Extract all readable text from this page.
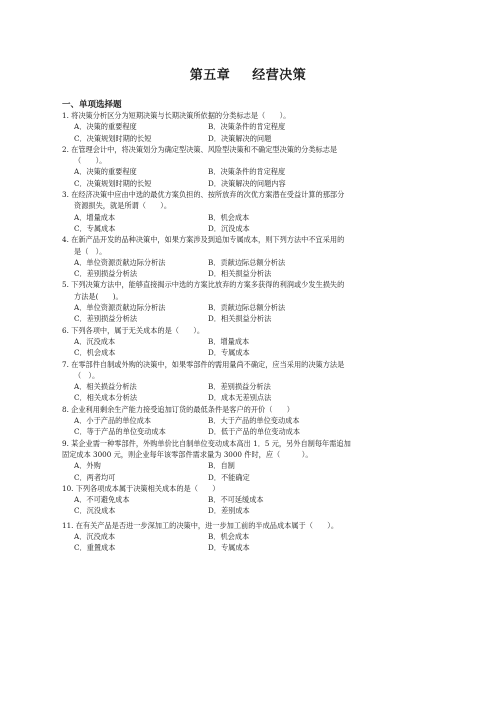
第五章 经营决策
一、单项选择题
1. 将决策分析区分为短期决策与长期决策所依据的分类标志是（　　）。
A．决策的重要程度	B．决策条件的肯定程度
C．决策规划时期的长短	D．决策解决的问题
2. 在管理会计中，将决策划分为确定型决策、风险型决策和不确定型决策的分类标志是
（　　）。
A．决策的重要程度	B．决策条件的肯定程度
C．决策规划时期的长短	D．决策解决的问题内容
3. 在经济决策中应由中选的最优方案负担的、按所放弃的次优方案潜在受益计算的那部分
资源损失，就是所谓（　　）。
A．增量成本	B．机会成本
C．专属成本	D．沉没成本
4. 在新产品开发的品种决策中，如果方案涉及到追加专属成本，则下列方法中不宜采用的
是（　）。
A．单位资源贡献边际分析法	B．贡献边际总额分析法
C．差别损益分析法	D．相关损益分析法
5. 下列决策方法中，能够直接揭示中选的方案比放弃的方案多获得的利润或少发生损失的
方法是(　　)。
A．单位资源贡献边际分析法	B．贡献边际总额分析法
C．差别损益分析法	D．相关损益分析法
6. 下列各项中，属于无关成本的是（　　）。
A．沉没成本	B．增量成本
C．机会成本	D．专属成本
7. 在零部件自制或外购的决策中，如果零部件的需用量尚不确定，应当采用的决策方法是
（　）。
A．相关损益分析法	B．差别损益分析法
C．相关成本分析法	D．成本无差别点法
8. 企业利用剩余生产能力接受追加订货的最低条件是客户的开价（　　）
A．小于产品的单位成本	B．大于产品的单位变动成本
C．等于产品的单位变动成本	D．低于产品的单位变动成本
9. 某企业需一种零部件，外购单价比自制单位变动成本高出 1．5 元，另外自制每年需追加
固定成本 3000 元，则企业每年该零部件需求量为 3000 件时，应（　　　）。
A．外购	B．自制
C．两者均可	D．不能确定
10. 下列各项成本属于决策相关成本的是（　　）
A．不可避免成本	B．不可延缓成本
C．沉没成本	D．差别成本
11. 在有关产品是否进一步深加工的决策中，进一步加工前的半成品成本属于（　　）。
A．沉没成本	B．机会成本
C．重置成本	D．专属成本
